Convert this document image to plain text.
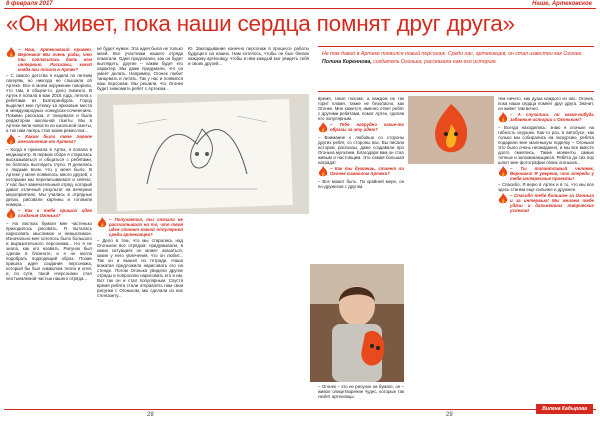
8 февраля 2017	Наше, Артековское
«Он живет, пока наши сердца помнят друг друга»
– Наш, Артековский привет. Вероника! Мы очень рады, что ты согласилась дать нам интервью. Расскажи, какой когда ты попала в Артек?

– С самого детства я ездила по летним лагерям, но никогда не слышала об Артеке. Все в моем окружении говорили, что там, в общем-то, дело повезло. В Артек я попала в мае 2016 года, летела с ребятами из Екатеринбурга. Город выделил мне путевку за призовые места в международных конкурсах-сочинениях. Помимо рассказа, я танцевала и была редактором школьной газеты. Мы в Артеке вели новости из школьной газеты, а так нам лагерь стал моим ремеслом...

– Каким было твое первое впечатление от Артека?

– Когда я приехала в Артек, я попала в медиацентр. В первом сборе я старалась высказываться и общаться с ребятами, не боялась выглядеть глупо. Я делилась с людьми всем, что у меня было. В Артеке у меня появилось много друзей, с которыми мы переписываемся и сейчас. У нас был замечательный отряд, который давал отличный результат на вечерних мероприятиях. Мы учились в отрядных делах, рисовали картины и готовили номера...

– Как к тебе пришла идея создания Огонька?

– На листках бумаги мне частенько приходилось рисовать. Я пыталась нарисовать мыслимое и немыслимое. Изначально мне хотелось было большого и выразительного персонажа... Но я не знала, как его назвать. Рисунок был сделан в блокноте, и я не могла подобрать подходящий образ. Позже пришла идея создания персонажа, который бы был символом тепла и огня, и, по сути, такой «персонаж» стал неотъемлемой частью нашего отряда...

не будет нужен. Эта идея была не только моей. Все участники нашего отряда помогали. Одни предлагали, как он будет выглядеть, другие – каким будет его характер. Мы даже придумали, что он умеет делать. Например, Огонек любит танцевать и летать. Так у нас и появился наш персонаж. Мы решили, что Огонек будет знакомить ребят с Артеком...

– Получается, ты сначала не рассчитывала на то, что твоя идея станет такой популярной среди артековцев?

– Дело в том, что мы старались над Огоньком все отрядом: придумывали, в каких ситуациях он может оказаться, какие у него увлечения, что он любит... Так он и вышел из тетради. Наша вожатая предложила нарисовать его на стенде. Потом Огонька увидели другие отряды и попросили нарисовать его и им. Вот так он и стал популярным. Спустя время ребята стали отправлять нам свои рисунки с Огоньком, мы сделали из них стенгазету...

Ю. Закладывание конечно персонаж в процессе работы будущего на наших. Нам хотелось, чтобы он был близок каждому артековцу, чтобы в нём каждый мог увидеть себя и своих друзей...

Не так давно в Артеке появился новый персонаж. Среди нас, артековцев, он стал известен как Огонек. Полина Кореннова, создатель Огонька, рассказала нам его историю.

время, такое похоже, а каждом не так горит пламя, также не безопасно, как Огонек. Мне кажется, именно ответ ребят с другими ребятами, помог Артек, сделав его популярным.

– Тебе нагрудно какие-то образы за эту идею?

– Внимание к любовью со стороны других ребят, со стороны вас. Вы писали истории, рассказы, даже создавали про Огонька мультики. Благодаря вам он стал живым и настоящим. Это самая большая награда!

– Как ты думаешь, станет ли Огонек символом Артека?

– Все может быть. По крайней мере, он по-дружески с другом.

– Огонек – это не рисунок на бумаге, он – живое олицетворение чудес, которые так любят артековцы.

тем ничего, как душа каждого из нас. Огонек, пока наши сердца помнят друг друга. Значит, он живет там вечно.

– А случались ли какие-нибудь забавные истории с Огоньком?

– Всегда находились: знаю я огоньке на гибкость игрушек. Как-то раз, в автобусе, как только мы собирались на экскурсию, ребята подарили мне маленькую поделку – Огонька! Это было очень неожиданно, и мы все вместе долго смеялись. Такие моменты самые теплые и запоминающиеся. Ребята до сих пор шлют мне фотографии своих огоньков...

– Ты талантливый человек, Вероника! Я уверена, что впереди у тебя интересные проекты!

– Спасибо, Я верю в Артек и в то, что мы все здесь станем еще сильнее и дружнее.

– Спасибо тебе большое за Огонька и за интервью! Мы желаем тебе удачи и дальнейших творческих успехов!
Вилена Кадырова
28	29
